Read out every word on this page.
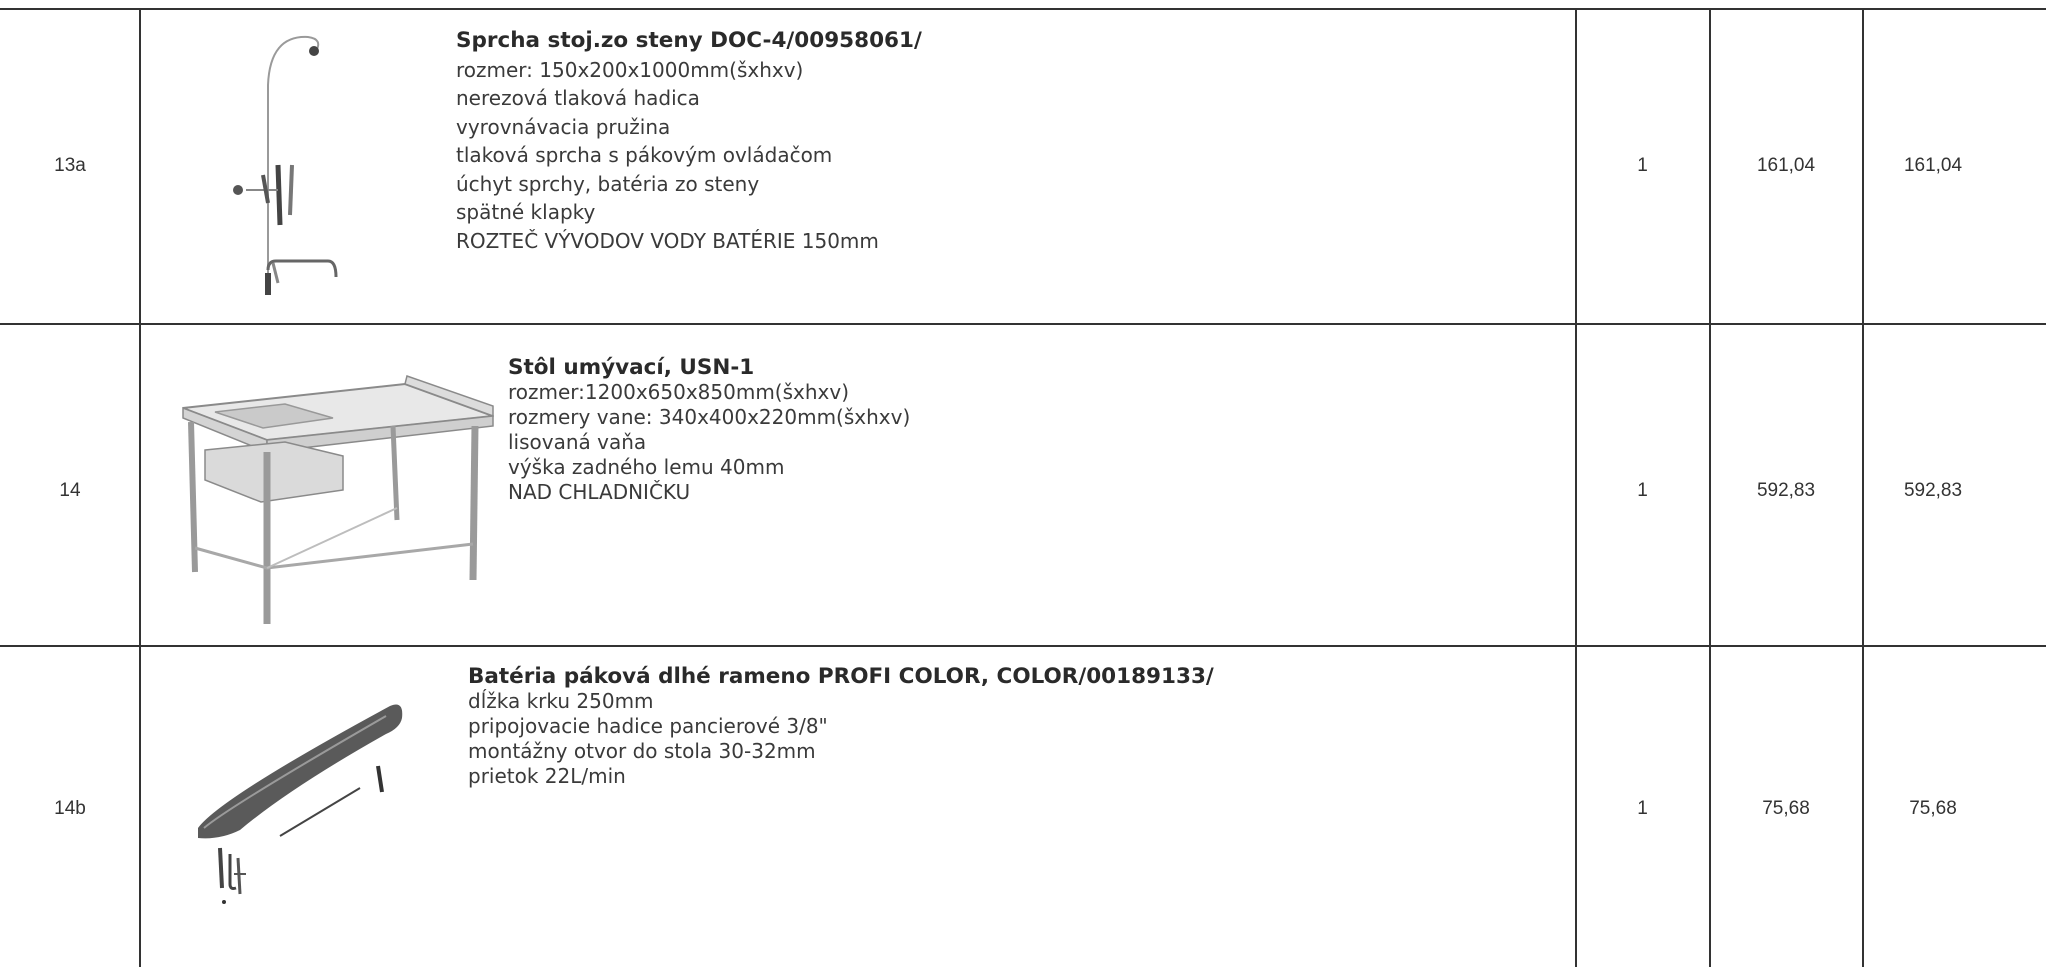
13a
Sprcha stoj.zo steny DOC-4/00958061/
rozmer: 150x200x1000mm(šxhxv)
nerezová tlaková hadica
vyrovnávacia pružina
tlaková sprcha s pákovým ovládačom
úchyt sprchy, batéria zo steny
spätné klapky
ROZTEČ VÝVODOV VODY BATÉRIE 150mm
1	161,04	161,04
14
Stôl umývací, USN-1
rozmer:1200x650x850mm(šxhxv)
rozmery vane: 340x400x220mm(šxhxv)
lisovaná vaňa
výška zadného lemu 40mm
NAD CHLADNIČKU	1	592,83	592,83
14b
Batéria páková dlhé rameno PROFI COLOR, COLOR/00189133/
dĺžka krku 250mm
pripojovacie hadice pancierové 3/8"
montážny otvor do stola 30-32mm
prietok 22L/min
1	75,68	75,68
